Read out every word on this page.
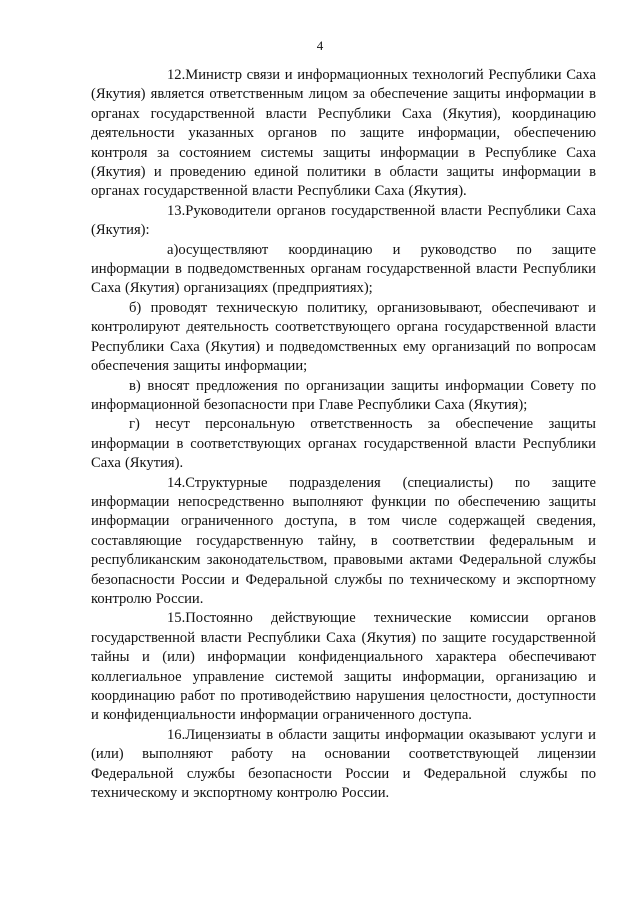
4

12.Министр связи и информационных технологий Республики Саха (Якутия) является ответственным лицом за обеспечение защиты информации в органах государственной власти Республики Саха (Якутия), координацию деятельности указанных органов по защите информации, обеспечению контроля за состоянием системы защиты информации в Республике Саха (Якутия) и проведению единой политики в области защиты информации в органах государственной власти Республики Саха (Якутия).

13.Руководители органов государственной власти Республики Саха (Якутия):

а)осуществляют координацию и руководство по защите информации в подведомственных органам государственной власти Республики Саха (Якутия) организациях (предприятиях);

б) проводят техническую политику, организовывают, обеспечивают и контролируют деятельность соответствующего органа государственной власти Республики Саха (Якутия) и подведомственных ему организаций по вопросам обеспечения защиты информации;

в) вносят предложения по организации защиты информации Совету по информационной безопасности при Главе Республики Саха (Якутия);

г) несут персональную ответственность за обеспечение защиты информации в соответствующих органах государственной власти Республики Саха (Якутия).

14.Структурные подразделения (специалисты) по защите информации непосредственно выполняют функции по обеспечению защиты информации ограниченного доступа, в том числе содержащей сведения, составляющие государственную тайну, в соответствии федеральным и республиканским законодательством, правовыми актами Федеральной службы безопасности России и Федеральной службы по техническому и экспортному контролю России.

15.Постоянно действующие технические комиссии органов государственной власти Республики Саха (Якутия) по защите государственной тайны и (или) информации конфиденциального характера обеспечивают коллегиальное управление системой защиты информации, организацию и координацию работ по противодействию нарушения целостности, доступности и конфиденциальности информации ограниченного доступа.

16.Лицензиаты в области защиты информации оказывают услуги и (или) выполняют работу на основании соответствующей лицензии Федеральной службы безопасности России и Федеральной службы по техническому и экспортному контролю России.
